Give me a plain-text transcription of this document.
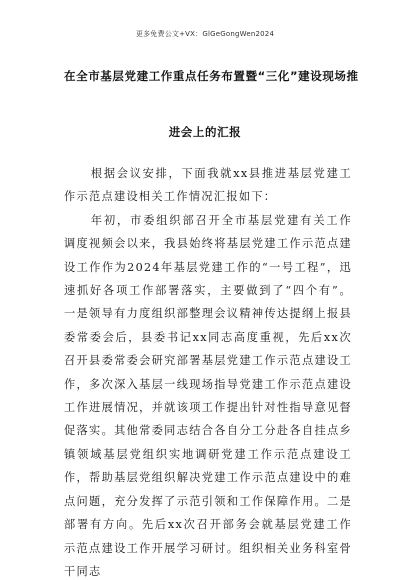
更多免费公文+VX：GlGeGongWen2024
在全市基层党建工作重点任务布置暨“三化”建设现场推
进会上的汇报

根据会议安排，下面我就xx县推进基层党建工作示范点建设相关工作情况汇报如下：

年初，市委组织部召开全市基层党建有关工作调度视频会以来，我县始终将基层党建工作示范点建设工作作为2024年基层党建工作的“一号工程”，迅速抓好各项工作部署落实，主要做到了“四个有”。一是领导有力度组织部整理会议精神传达提纲上报县委常委会后，县委书记xx同志高度重视，先后xx次召开县委常委会研究部署基层党建工作示范点建设工作，多次深入基层一线现场指导党建工作示范点建设工作进展情况，并就该项工作提出针对性指导意见督促落实。其他常委同志结合各自分工分赴各自挂点乡镇领域基层党组织实地调研党建工作示范点建设工作，帮助基层党组织解决党建工作示范点建设中的难点问题，充分发挥了示范引领和工作保障作用。二是部署有方向。先后xx次召开部务会就基层党建工作示范点建设工作开展学习研讨。组织相关业务科室骨干同志
